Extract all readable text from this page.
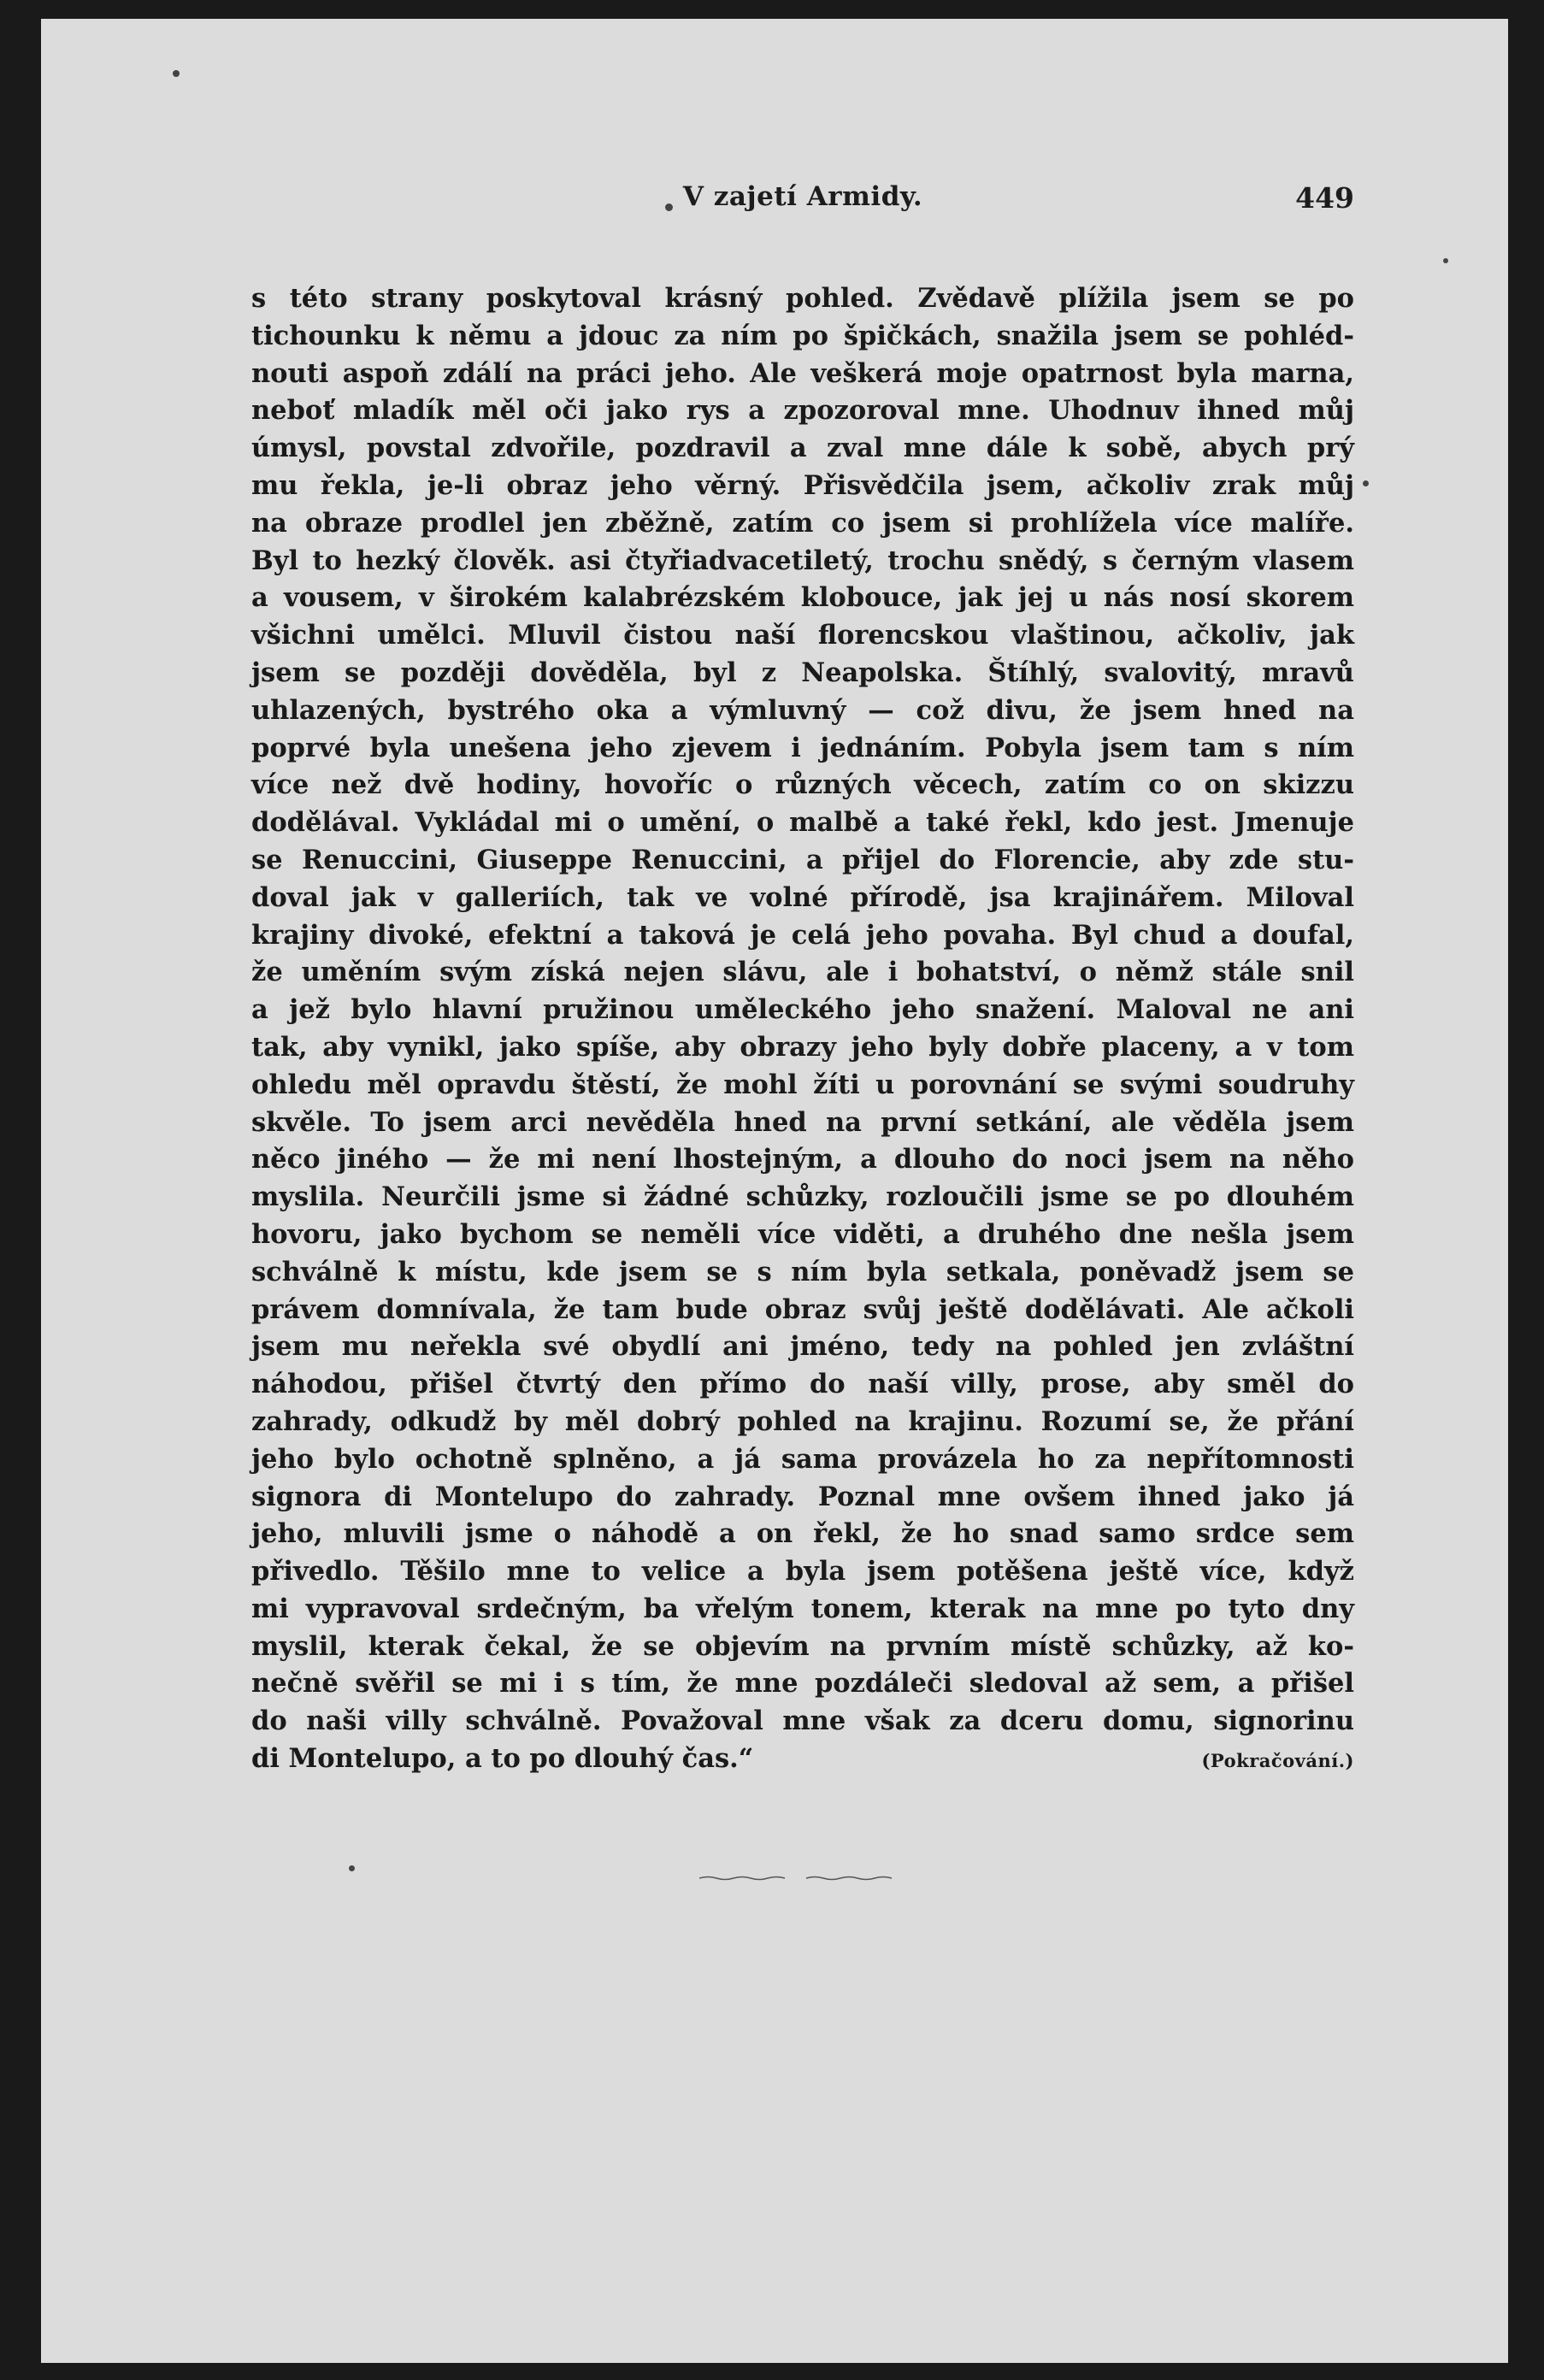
V zajetí Armidy.	449
s této strany poskytoval krásný pohled. Zvědavě plížila jsem se po
tichounku k němu a jdouc za ním po špičkách, snažila jsem se pohléd-
nouti aspoň zdálí na práci jeho. Ale veškerá moje opatrnost byla marna,
neboť mladík měl oči jako rys a zpozoroval mne. Uhodnuv ihned můj
úmysl, povstal zdvořile, pozdravil a zval mne dále k sobě, abych prý
mu řekla, je-li obraz jeho věrný. Přisvědčila jsem, ačkoliv zrak můj
na obraze prodlel jen zběžně, zatím co jsem si prohlížela více malíře.
Byl to hezký člověk. asi čtyřiadvacetiletý, trochu snědý, s černým vlasem
a vousem, v širokém kalabrézském klobouce, jak jej u nás nosí skorem
všichni umělci. Mluvil čistou naší florencskou vlaštinou, ačkoliv, jak
jsem se později dověděla, byl z Neapolska. Štíhlý, svalovitý, mravů
uhlazených, bystrého oka a výmluvný — což divu, že jsem hned na
poprvé byla unešena jeho zjevem i jednáním. Pobyla jsem tam s ním
více než dvě hodiny, hovoříc o různých věcech, zatím co on skizzu
dodělával. Vykládal mi o umění, o malbě a také řekl, kdo jest. Jmenuje
se Renuccini, Giuseppe Renuccini, a přijel do Florencie, aby zde stu-
doval jak v galleriích, tak ve volné přírodě, jsa krajinářem. Miloval
krajiny divoké, efektní a taková je celá jeho povaha. Byl chud a doufal,
že uměním svým získá nejen slávu, ale i bohatství, o němž stále snil
a jež bylo hlavní pružinou uměleckého jeho snažení. Maloval ne ani
tak, aby vynikl, jako spíše, aby obrazy jeho byly dobře placeny, a v tom
ohledu měl opravdu štěstí, že mohl žíti u porovnání se svými soudruhy
skvěle. To jsem arci nevěděla hned na první setkání, ale věděla jsem
něco jiného — že mi není lhostejným, a dlouho do noci jsem na něho
myslila. Neurčili jsme si žádné schůzky, rozloučili jsme se po dlouhém
hovoru, jako bychom se neměli více viděti, a druhého dne nešla jsem
schválně k místu, kde jsem se s ním byla setkala, poněvadž jsem se
právem domnívala, že tam bude obraz svůj ještě dodělávati. Ale ačkoli
jsem mu neřekla své obydlí ani jméno, tedy na pohled jen zvláštní
náhodou, přišel čtvrtý den přímo do naší villy, prose, aby směl do
zahrady, odkudž by měl dobrý pohled na krajinu. Rozumí se, že přání
jeho bylo ochotně splněno, a já sama provázela ho za nepřítomnosti
signora di Montelupo do zahrady. Poznal mne ovšem ihned jako já
jeho, mluvili jsme o náhodě a on řekl, že ho snad samo srdce sem
přivedlo. Těšilo mne to velice a byla jsem potěšena ještě více, když
mi vypravoval srdečným, ba vřelým tonem, kterak na mne po tyto dny
myslil, kterak čekal, že se objevím na prvním místě schůzky, až ko-
nečně svěřil se mi i s tím, že mne pozdáleči sledoval až sem, a přišel
do naši villy schválně. Považoval mne však za dceru domu, signorinu
di Montelupo, a to po dlouhý čas.“	(Pokračování.)
